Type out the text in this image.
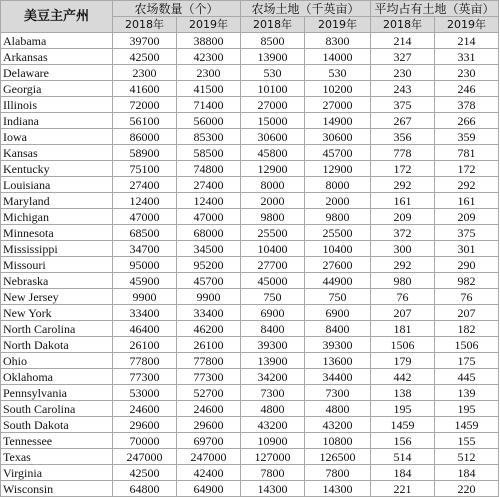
美豆主产州	农场数量（个）		农场土地（千英亩）		平均占有土地（英亩）	
	2018年	2019年	2018年	2019年	2018年	2019年
Alabama	39700	38800	8500	8300	214	214
Arkansas	42500	42300	13900	14000	327	331
Delaware	2300	2300	530	530	230	230
Georgia	41600	41500	10100	10200	243	246
Illinois	72000	71400	27000	27000	375	378
Indiana	56100	56000	15000	14900	267	266
Iowa	86000	85300	30600	30600	356	359
Kansas	58900	58500	45800	45700	778	781
Kentucky	75100	74800	12900	12900	172	172
Louisiana	27400	27400	8000	8000	292	292
Maryland	12400	12400	2000	2000	161	161
Michigan	47000	47000	9800	9800	209	209
Minnesota	68500	68000	25500	25500	372	375
Mississippi	34700	34500	10400	10400	300	301
Missouri	95000	95200	27700	27600	292	290
Nebraska	45900	45700	45000	44900	980	982
New Jersey	9900	9900	750	750	76	76
New York	33400	33400	6900	6900	207	207
North Carolina	46400	46200	8400	8400	181	182
North Dakota	26100	26100	39300	39300	1506	1506
Ohio	77800	77800	13900	13600	179	175
Oklahoma	77300	77300	34200	34400	442	445
Pennsylvania	53000	52700	7300	7300	138	139
South Carolina	24600	24600	4800	4800	195	195
South Dakota	29600	29600	43200	43200	1459	1459
Tennessee	70000	69700	10900	10800	156	155
Texas	247000	247000	127000	126500	514	512
Virginia	42500	42400	7800	7800	184	184
Wisconsin	64800	64900	14300	14300	221	220
